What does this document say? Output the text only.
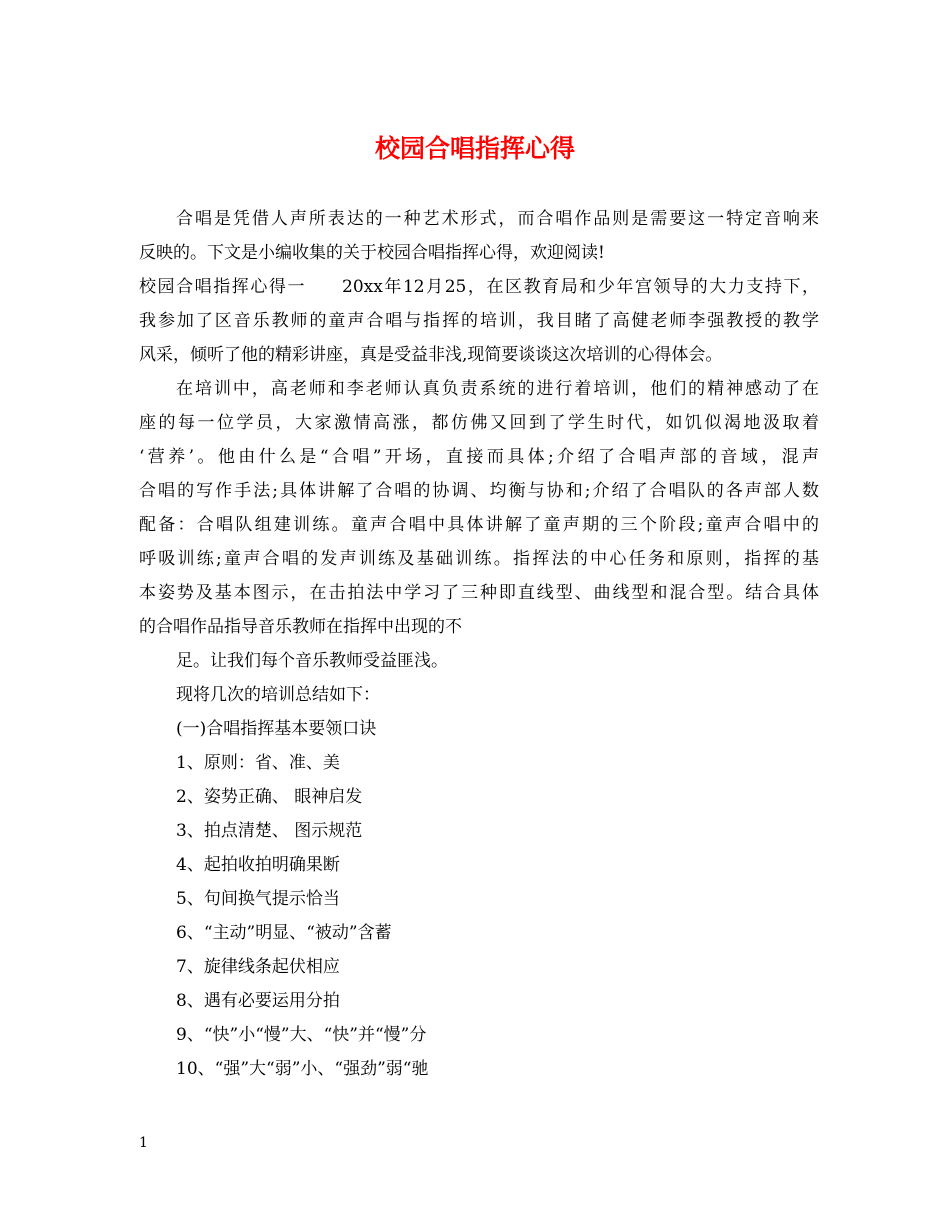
校园合唱指挥心得
合唱是凭借人声所表达的一种艺术形式，而合唱作品则是需要这一特定音响来
反映的。下文是小编收集的关于校园合唱指挥心得，欢迎阅读!
校园合唱指挥心得一 20xx年12月25，在区教育局和少年宫领导的大力支持下，
我参加了区音乐教师的童声合唱与指挥的培训，我目睹了高健老师李强教授的教学
风采，倾听了他的精彩讲座，真是受益非浅,现简要谈谈这次培训的心得体会。
在培训中，高老师和李老师认真负责系统的进行着培训，他们的精神感动了在
座的每一位学员，大家激情高涨，都仿佛又回到了学生时代，如饥似渴地汲取着
‘营养’。他由什么是“合唱”开场，直接而具体;介绍了合唱声部的音域，混声
合唱的写作手法;具体讲解了合唱的协调、均衡与协和;介绍了合唱队的各声部人数
配备：合唱队组建训练。童声合唱中具体讲解了童声期的三个阶段;童声合唱中的
呼吸训练;童声合唱的发声训练及基础训练。指挥法的中心任务和原则，指挥的基
本姿势及基本图示，在击拍法中学习了三种即直线型、曲线型和混合型。结合具体
的合唱作品指导音乐教师在指挥中出现的不
足。让我们每个音乐教师受益匪浅。
现将几次的培训总结如下：
(一)合唱指挥基本要领口诀
1、原则：省、准、美
2、姿势正确、 眼神启发
3、拍点清楚、 图示规范
4、起拍收拍明确果断
5、句间换气提示恰当
6、“主动”明显、“被动”含蓄
7、旋律线条起伏相应
8、遇有必要运用分拍
9、“快”小“慢”大、“快”并“慢”分
10、“强”大“弱”小、“强劲”弱“驰
1
